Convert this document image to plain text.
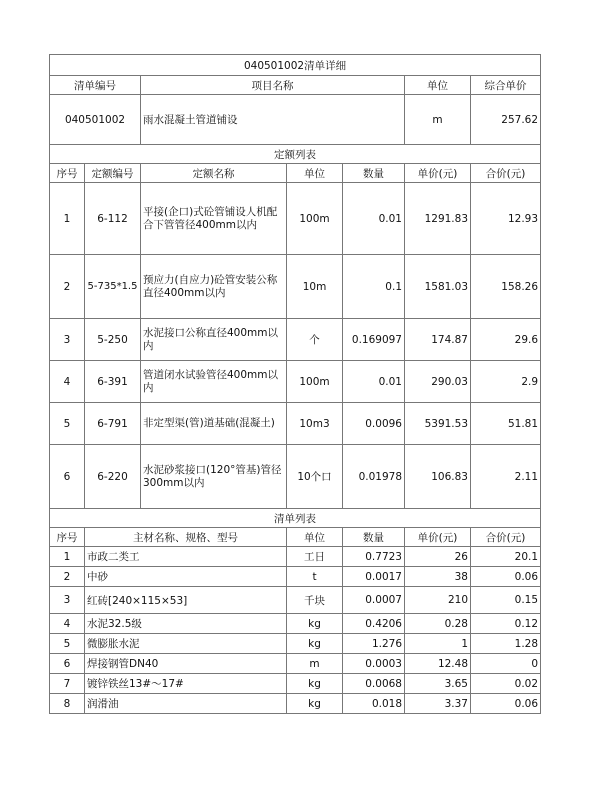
040501002清单详细						
清单编号		项目名称			单位	综合单价
040501002		雨水混凝土管道铺设			m	257.62
定额列表						
序号	定额编号	定额名称	单位	数量	单价(元)	合价(元)
1	6-112	平接(企口)式砼管铺设人机配合下管管径400mm以内	100m	0.01	1291.83	12.93
2	5-735*1.5	预应力(自应力)砼管安装公称直径400mm以内	10m	0.1	1581.03	158.26
3	5-250	水泥接口公称直径400mm以内	个	0.169097	174.87	29.6
4	6-391	管道闭水试验管径400mm以内	100m	0.01	290.03	2.9
5	6-791	非定型渠(管)道基础(混凝土)	10m3	0.0096	5391.53	51.81
6	6-220	水泥砂浆接口(120°管基)管径300mm以内	10个口	0.01978	106.83	2.11
清单列表						
序号	主材名称、规格、型号		单位	数量	单价(元)	合价(元)
1	市政二类工		工日	0.7723	26	20.1
2	中砂		t	0.0017	38	0.06
3	红砖[240×115×53]		千块	0.0007	210	0.15
4	水泥32.5级		kg	0.4206	0.28	0.12
5	微膨胀水泥		kg	1.276	1	1.28
6	焊接钢管DN40		m	0.0003	12.48	0
7	镀锌铁丝13#～17#		kg	0.0068	3.65	0.02
8	润滑油		kg	0.018	3.37	0.06
